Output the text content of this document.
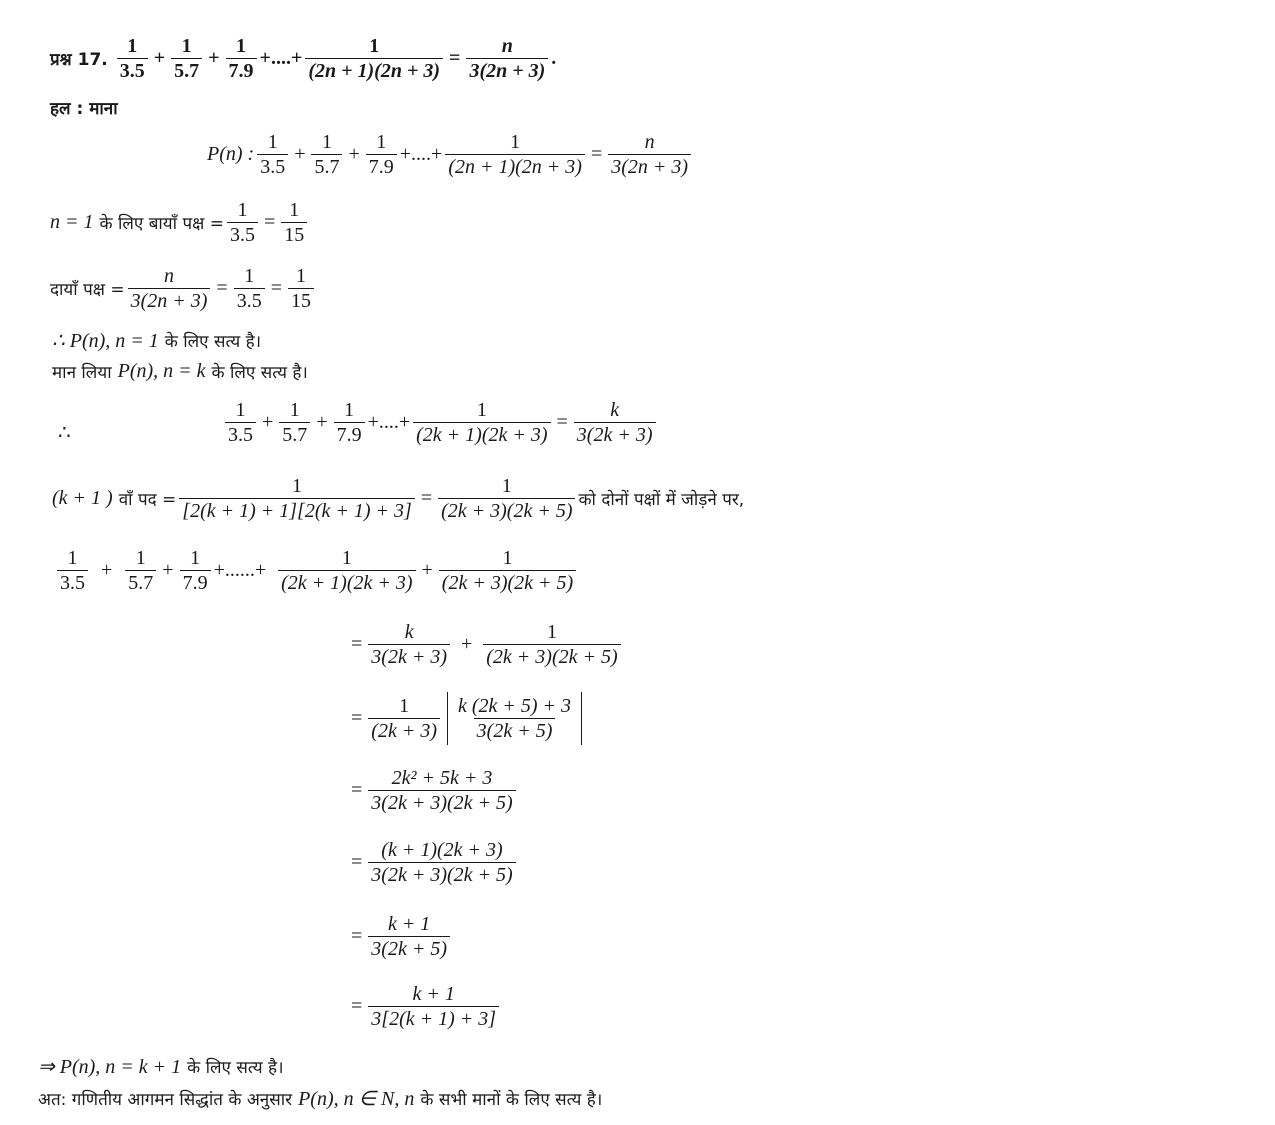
प्रश्न 17. $\frac{1}{3.5} + \frac{1}{5.7} + \frac{1}{7.9}$ +....+ $\frac{1}{(2n + 1)(2n + 3)} = \frac{n}{3(2n + 3)}$ .
हल : माना
P(n) : $\frac{1}{3.5} + \frac{1}{5.7} + \frac{1}{7.9}$ +....+ $\frac{1}{(2n + 1)(2n + 3)} = \frac{n}{3(2n + 3)}$
n = 1 के लिए बायाँ पक्ष = $\frac{1}{3.5} = \frac{1}{15}$
दायाँ पक्ष = $\frac{n}{3(2n + 3)} = \frac{1}{3.5} = \frac{1}{15}$
∴ P(n), n = 1 के लिए सत्य है।
मान लिया P(n), n = k के लिए सत्य है।
∴	$\frac{1}{3.5} + \frac{1}{5.7} + \frac{1}{7.9}$ +....+ $\frac{1}{(2k + 1)(2k + 3)} = \frac{k}{3(2k + 3)}$
(k + 1 ) वाँ पद = $\frac{1}{[2(k + 1) + 1][2(k + 1) + 3]} = \frac{1}{(2k + 3)(2k + 5)}$ को दोनों पक्षों में जोड़ने पर,
$\frac{1}{3.5} + \frac{1}{5.7} + \frac{1}{7.9}$ +......+ $\frac{1}{(2k + 1)(2k + 3)} + \frac{1}{(2k + 3)(2k + 5)}$
= $\frac{k}{3(2k + 3)} + \frac{1}{(2k + 3)(2k + 5)}$
= $\frac{1}{(2k + 3)} \frac{k (2k + 5) + 3}{3(2k + 5)}$
= $\frac{\text{2k² + 5k + 3}}{3(2k + 3)(2k + 5)}$
= $\frac{(k + 1)(2k + 3)}{3(2k + 3)(2k + 5)}$
= $\frac{k + 1}{3(2k + 5)}$
= $\frac{k + 1}{3[2(k + 1) + 3]}$
⇒ P(n), n = k + 1 के लिए सत्य है।
अत: गणितीय आगमन सिद्धांत के अनुसार P(n), n ∈ N, n के सभी मानों के लिए सत्य है।
